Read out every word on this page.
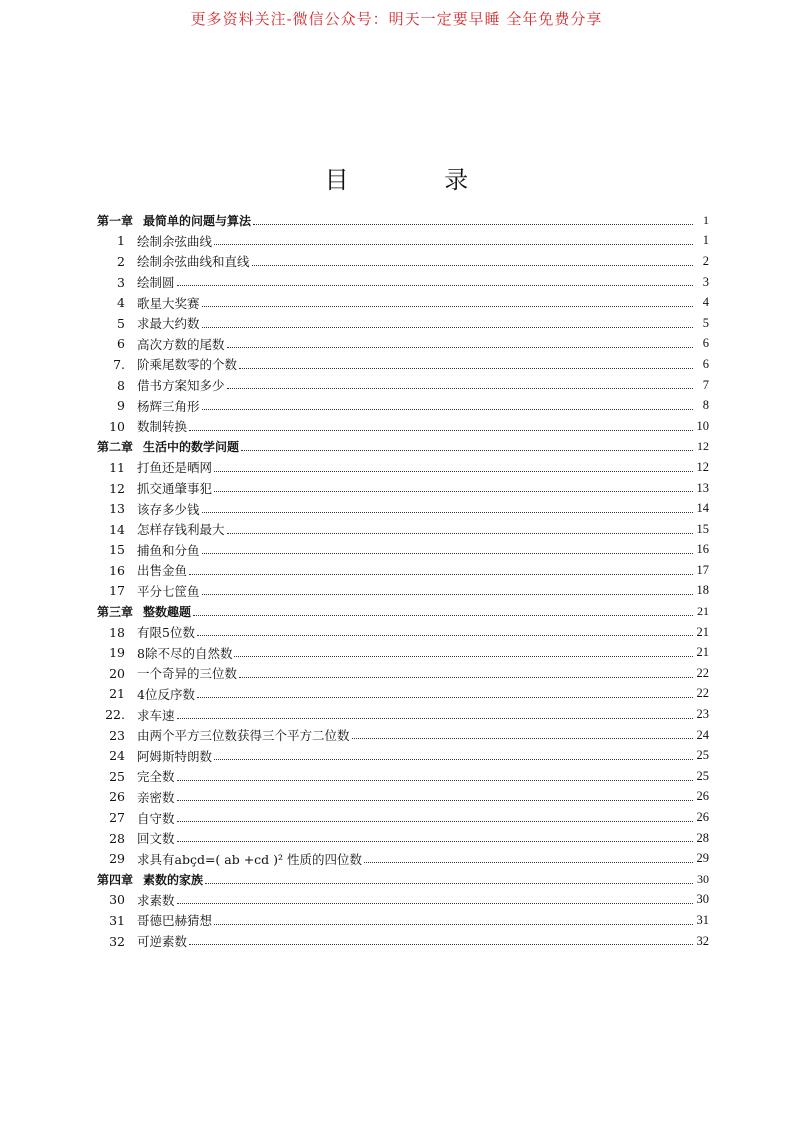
更多资料关注-微信公众号：明天一定要早睡 全年免费分享
目 录
第一章 最简单的问题与算法	1
1 绘制余弦曲线	1
2 绘制余弦曲线和直线	2
3 绘制圆	3
4 歌星大奖赛	4
5 求最大约数	5
6 高次方数的尾数	6
7. 阶乘尾数零的个数	6
8 借书方案知多少	7
9 杨辉三角形	8
10 数制转换	10
第二章 生活中的数学问题	12
11 打鱼还是晒网	12
12 抓交通肇事犯	13
13 该存多少钱	14
14 怎样存钱利最大	15
15 捕鱼和分鱼	16
16 出售金鱼	17
17 平分七筐鱼	18
第三章 整数趣题	21
18 有限5位数	21
19 8除不尽的自然数	21
20 一个奇异的三位数	22
21 4位反序数	22
22. 求车速	23
23 由两个平方三位数获得三个平方二位数	24
24 阿姆斯特朗数	25
25 完全数	25
26 亲密数	26
27 自守数	26
28 回文数	28
29 求具有abçd=( ab +cd )² 性质的四位数	29
第四章 素数的家族	30
30 求素数	30
31 哥德巴赫猜想	31
32 可逆素数	32
